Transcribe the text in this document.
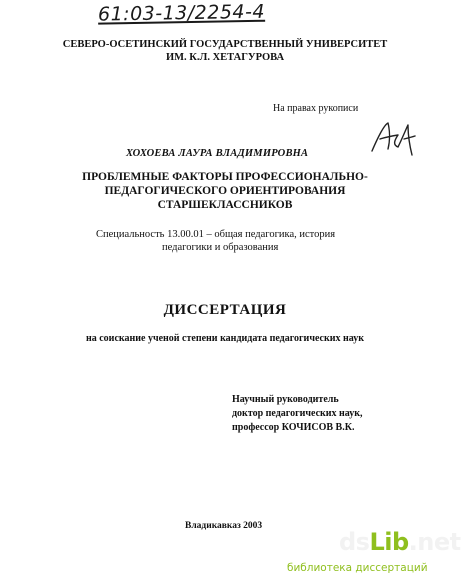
61:03-13/2254-4
СЕВЕРО-ОСЕТИНСКИЙ ГОСУДАРСТВЕННЫЙ УНИВЕРСИТЕТ
ИМ. К.Л. ХЕТАГУРОВА
На правах рукописи
ХОХОЕВА ЛАУРА ВЛАДИМИРОВНА
ПРОБЛЕМНЫЕ ФАКТОРЫ ПРОФЕССИОНАЛЬНО-
ПЕДАГОГИЧЕСКОГО ОРИЕНТИРОВАНИЯ
СТАРШЕКЛАССНИКОВ
Специальность 13.00.01 – общая педагогика, история
педагогики и образования
ДИССЕРТАЦИЯ
на соискание ученой степени кандидата педагогических наук
Научный руководитель
доктор педагогических наук,
профессор КОЧИСОВ В.К.
Владикавказ 2003
dsLib.net
библиотека диссертаций
